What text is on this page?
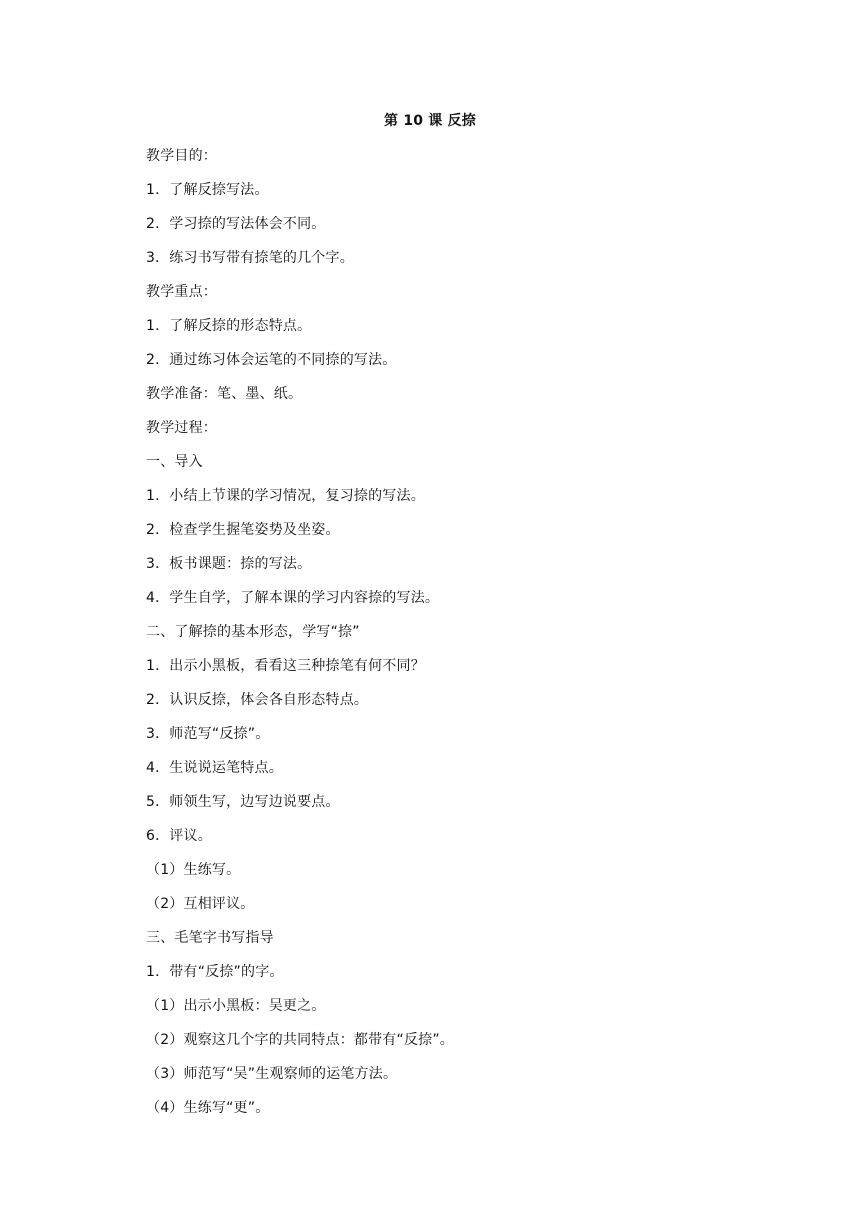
第 10 课 反捺
教学目的：
1．了解反捺写法。
2．学习捺的写法体会不同。
3．练习书写带有捺笔的几个字。
教学重点：
1．了解反捺的形态特点。
2．通过练习体会运笔的不同捺的写法。
教学准备：笔、墨、纸。
教学过程：
一、导入
1．小结上节课的学习情况，复习捺的写法。
2．检查学生握笔姿势及坐姿。
3．板书课题：捺的写法。
4．学生自学，了解本课的学习内容捺的写法。
二、了解捺的基本形态，学写“捺”
1．出示小黑板，看看这三种捺笔有何不同？
2．认识反捺，体会各自形态特点。
3．师范写“反捺”。
4．生说说运笔特点。
5．师领生写，边写边说要点。
6．评议。
（1）生练写。
（2）互相评议。
三、毛笔字书写指导
1．带有“反捺”的字。
（1）出示小黑板：吴更之。
（2）观察这几个字的共同特点：都带有“反捺”。
（3）师范写“吴”生观察师的运笔方法。
（4）生练写“更”。
